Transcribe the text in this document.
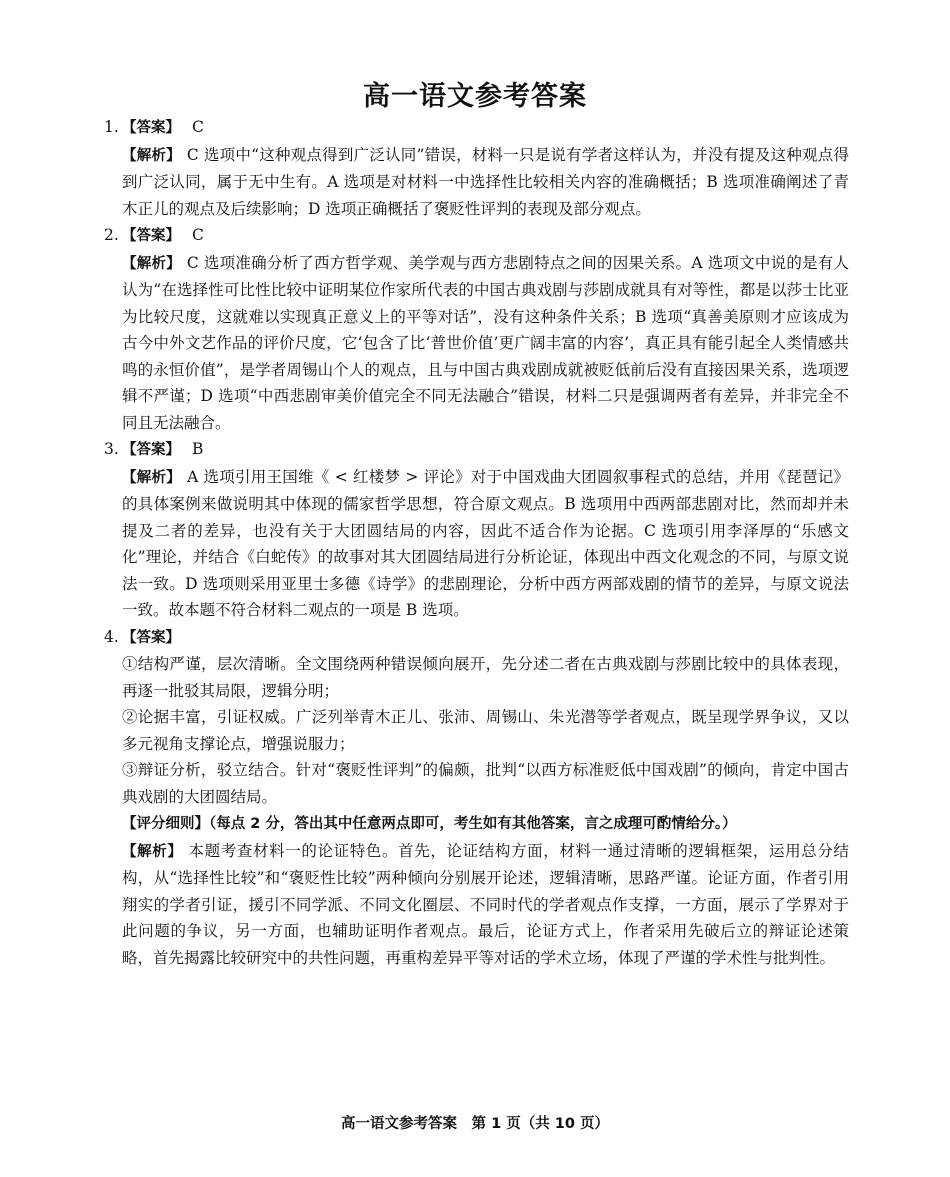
高一语文参考答案
1. 【答案】 C
【解析】 C 选项中“这种观点得到广泛认同”错误，材料一只是说有学者这样认为，并没有提及这种观点得到广泛认同，属于无中生有。A 选项是对材料一中选择性比较相关内容的准确概括；B 选项准确阐述了青木正儿的观点及后续影响；D 选项正确概括了褒贬性评判的表现及部分观点。
2. 【答案】 C
【解析】 C 选项准确分析了西方哲学观、美学观与西方悲剧特点之间的因果关系。A 选项文中说的是有人认为“在选择性可比性比较中证明某位作家所代表的中国古典戏剧与莎剧成就具有对等性，都是以莎士比亚为比较尺度，这就难以实现真正意义上的平等对话”，没有这种条件关系；B 选项“真善美原则才应该成为古今中外文艺作品的评价尺度，它‘包含了比‘普世价值’更广阔丰富的内容’，真正具有能引起全人类情感共鸣的永恒价值”，是学者周锡山个人的观点，且与中国古典戏剧成就被贬低前后没有直接因果关系，选项逻辑不严谨；D 选项“中西悲剧审美价值完全不同无法融合”错误，材料二只是强调两者有差异，并非完全不同且无法融合。
3. 【答案】 B
【解析】 A 选项引用王国维《 < 红楼梦 > 评论》对于中国戏曲大团圆叙事程式的总结，并用《琵琶记》的具体案例来做说明其中体现的儒家哲学思想，符合原文观点。B 选项用中西两部悲剧对比，然而却并未提及二者的差异，也没有关于大团圆结局的内容，因此不适合作为论据。C 选项引用李泽厚的“乐感文化”理论，并结合《白蛇传》的故事对其大团圆结局进行分析论证，体现出中西文化观念的不同，与原文说法一致。D 选项则采用亚里士多德《诗学》的悲剧理论，分析中西方两部戏剧的情节的差异，与原文说法一致。故本题不符合材料二观点的一项是 B 选项。
4. 【答案】
①结构严谨，层次清晰。全文围绕两种错误倾向展开，先分述二者在古典戏剧与莎剧比较中的具体表现，再逐一批驳其局限，逻辑分明；
②论据丰富，引证权威。广泛列举青木正儿、张沛、周锡山、朱光潜等学者观点，既呈现学界争议，又以多元视角支撑论点，增强说服力；
③辩证分析，驳立结合。针对“褒贬性评判”的偏颇，批判“以西方标准贬低中国戏剧”的倾向，肯定中国古典戏剧的大团圆结局。
【评分细则】（每点 2 分，答出其中任意两点即可，考生如有其他答案，言之成理可酌情给分。）
【解析】 本题考查材料一的论证特色。首先，论证结构方面，材料一通过清晰的逻辑框架，运用总分结构，从“选择性比较”和“褒贬性比较”两种倾向分别展开论述，逻辑清晰，思路严谨。论证方面，作者引用翔实的学者引证，援引不同学派、不同文化圈层、不同时代的学者观点作支撑，一方面，展示了学界对于此问题的争议，另一方面，也辅助证明作者观点。最后，论证方式上，作者采用先破后立的辩证论述策略，首先揭露比较研究中的共性问题，再重构差异平等对话的学术立场，体现了严谨的学术性与批判性。
高一语文参考答案　第 1 页（共 10 页）
